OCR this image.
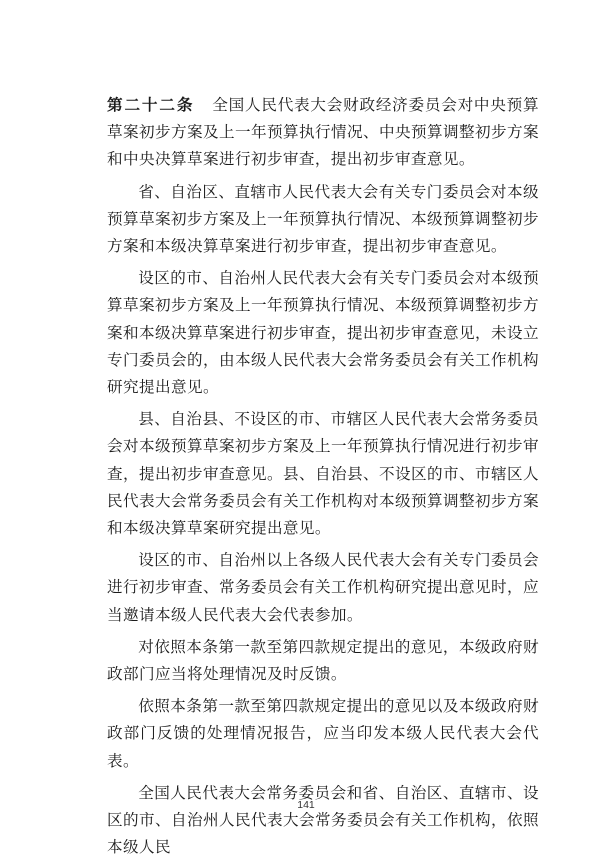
第二十二条 全国人民代表大会财政经济委员会对中央预算草案初步方案及上一年预算执行情况、中央预算调整初步方案和中央决算草案进行初步审查，提出初步审查意见。

省、自治区、直辖市人民代表大会有关专门委员会对本级预算草案初步方案及上一年预算执行情况、本级预算调整初步方案和本级决算草案进行初步审查，提出初步审查意见。

设区的市、自治州人民代表大会有关专门委员会对本级预算草案初步方案及上一年预算执行情况、本级预算调整初步方案和本级决算草案进行初步审查，提出初步审查意见，未设立专门委员会的，由本级人民代表大会常务委员会有关工作机构研究提出意见。

县、自治县、不设区的市、市辖区人民代表大会常务委员会对本级预算草案初步方案及上一年预算执行情况进行初步审查，提出初步审查意见。县、自治县、不设区的市、市辖区人民代表大会常务委员会有关工作机构对本级预算调整初步方案和本级决算草案研究提出意见。

设区的市、自治州以上各级人民代表大会有关专门委员会进行初步审查、常务委员会有关工作机构研究提出意见时，应当邀请本级人民代表大会代表参加。

对依照本条第一款至第四款规定提出的意见，本级政府财政部门应当将处理情况及时反馈。

依照本条第一款至第四款规定提出的意见以及本级政府财政部门反馈的处理情况报告，应当印发本级人民代表大会代表。

全国人民代表大会常务委员会和省、自治区、直辖市、设区的市、自治州人民代表大会常务委员会有关工作机构，依照本级人民

141
